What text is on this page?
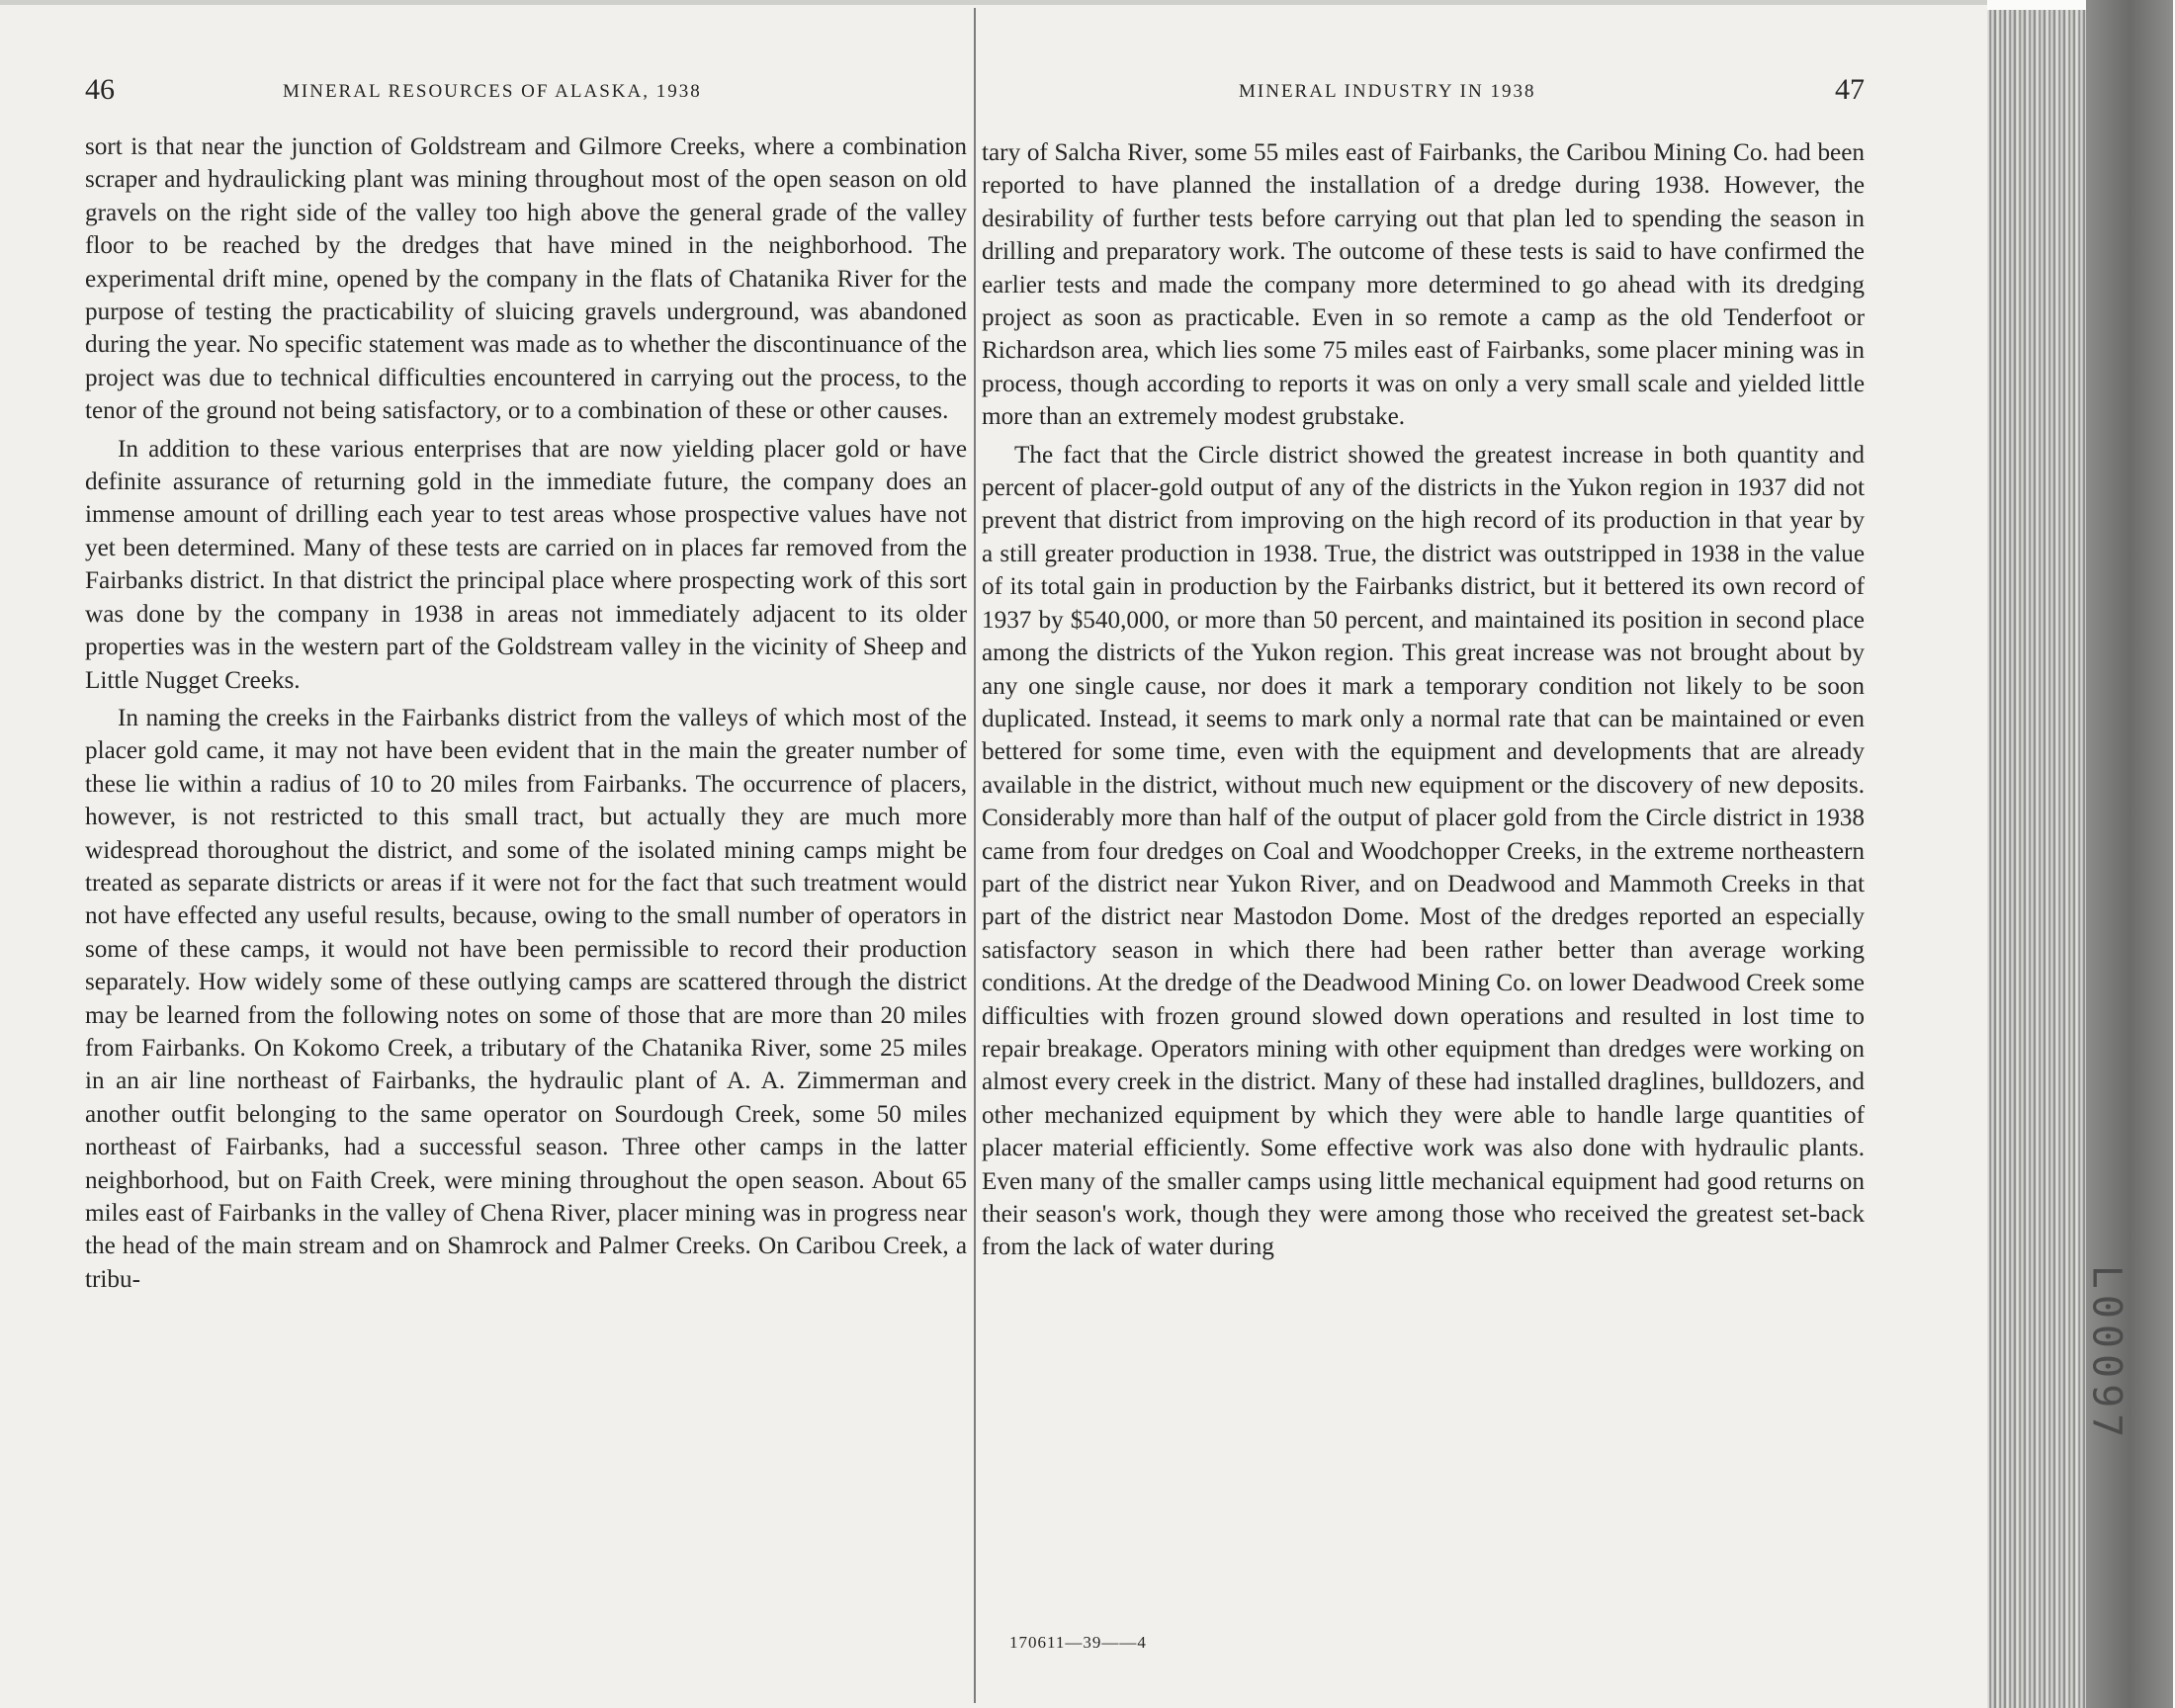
46	MINERAL RESOURCES OF ALASKA, 1938

sort is that near the junction of Goldstream and Gilmore Creeks, where a combination scraper and hydraulicking plant was mining throughout most of the open season on old gravels on the right side of the valley too high above the general grade of the valley floor to be reached by the dredges that have mined in the neighborhood. The experimental drift mine, opened by the company in the flats of Chatanika River for the purpose of testing the practicability of sluicing gravels underground, was abandoned during the year. No specific statement was made as to whether the discontinuance of the project was due to technical difficulties encountered in carrying out the process, to the tenor of the ground not being satisfactory, or to a combination of these or other causes.

In addition to these various enterprises that are now yielding placer gold or have definite assurance of returning gold in the immediate future, the company does an immense amount of drilling each year to test areas whose prospective values have not yet been determined. Many of these tests are carried on in places far removed from the Fairbanks district. In that district the principal place where prospecting work of this sort was done by the company in 1938 in areas not immediately adjacent to its older properties was in the western part of the Goldstream valley in the vicinity of Sheep and Little Nugget Creeks.

In naming the creeks in the Fairbanks district from the valleys of which most of the placer gold came, it may not have been evident that in the main the greater number of these lie within a radius of 10 to 20 miles from Fairbanks. The occurrence of placers, however, is not restricted to this small tract, but actually they are much more widespread thoroughout the district, and some of the isolated mining camps might be treated as separate districts or areas if it were not for the fact that such treatment would not have effected any useful results, because, owing to the small number of operators in some of these camps, it would not have been permissible to record their production separately. How widely some of these outlying camps are scattered through the district may be learned from the following notes on some of those that are more than 20 miles from Fairbanks. On Kokomo Creek, a tributary of the Chatanika River, some 25 miles in an air line northeast of Fairbanks, the hydraulic plant of A. A. Zimmerman and another outfit belonging to the same operator on Sourdough Creek, some 50 miles northeast of Fairbanks, had a successful season. Three other camps in the latter neighborhood, but on Faith Creek, were mining throughout the open season. About 65 miles east of Fairbanks in the valley of Chena River, placer mining was in progress near the head of the main stream and on Shamrock and Palmer Creeks. On Caribou Creek, a tribu-

MINERAL INDUSTRY IN 1938	47

tary of Salcha River, some 55 miles east of Fairbanks, the Caribou Mining Co. had been reported to have planned the installation of a dredge during 1938. However, the desirability of further tests before carrying out that plan led to spending the season in drilling and preparatory work. The outcome of these tests is said to have confirmed the earlier tests and made the company more determined to go ahead with its dredging project as soon as practicable. Even in so remote a camp as the old Tenderfoot or Richardson area, which lies some 75 miles east of Fairbanks, some placer mining was in process, though according to reports it was on only a very small scale and yielded little more than an extremely modest grubstake.

The fact that the Circle district showed the greatest increase in both quantity and percent of placer-gold output of any of the districts in the Yukon region in 1937 did not prevent that district from improving on the high record of its production in that year by a still greater production in 1938. True, the district was outstripped in 1938 in the value of its total gain in production by the Fairbanks district, but it bettered its own record of 1937 by $540,000, or more than 50 percent, and maintained its position in second place among the districts of the Yukon region. This great increase was not brought about by any one single cause, nor does it mark a temporary condition not likely to be soon duplicated. Instead, it seems to mark only a normal rate that can be maintained or even bettered for some time, even with the equipment and developments that are already available in the district, without much new equipment or the discovery of new deposits. Considerably more than half of the output of placer gold from the Circle district in 1938 came from four dredges on Coal and Woodchopper Creeks, in the extreme northeastern part of the district near Yukon River, and on Deadwood and Mammoth Creeks in that part of the district near Mastodon Dome. Most of the dredges reported an especially satisfactory season in which there had been rather better than average working conditions. At the dredge of the Deadwood Mining Co. on lower Deadwood Creek some difficulties with frozen ground slowed down operations and resulted in lost time to repair breakage. Operators mining with other equipment than dredges were working on almost every creek in the district. Many of these had installed draglines, bulldozers, and other mechanized equipment by which they were able to handle large quantities of placer material efficiently. Some effective work was also done with hydraulic plants. Even many of the smaller camps using little mechanical equipment had good returns on their season's work, though they were among those who received the greatest set-back from the lack of water during

170611—39——4
L00097
